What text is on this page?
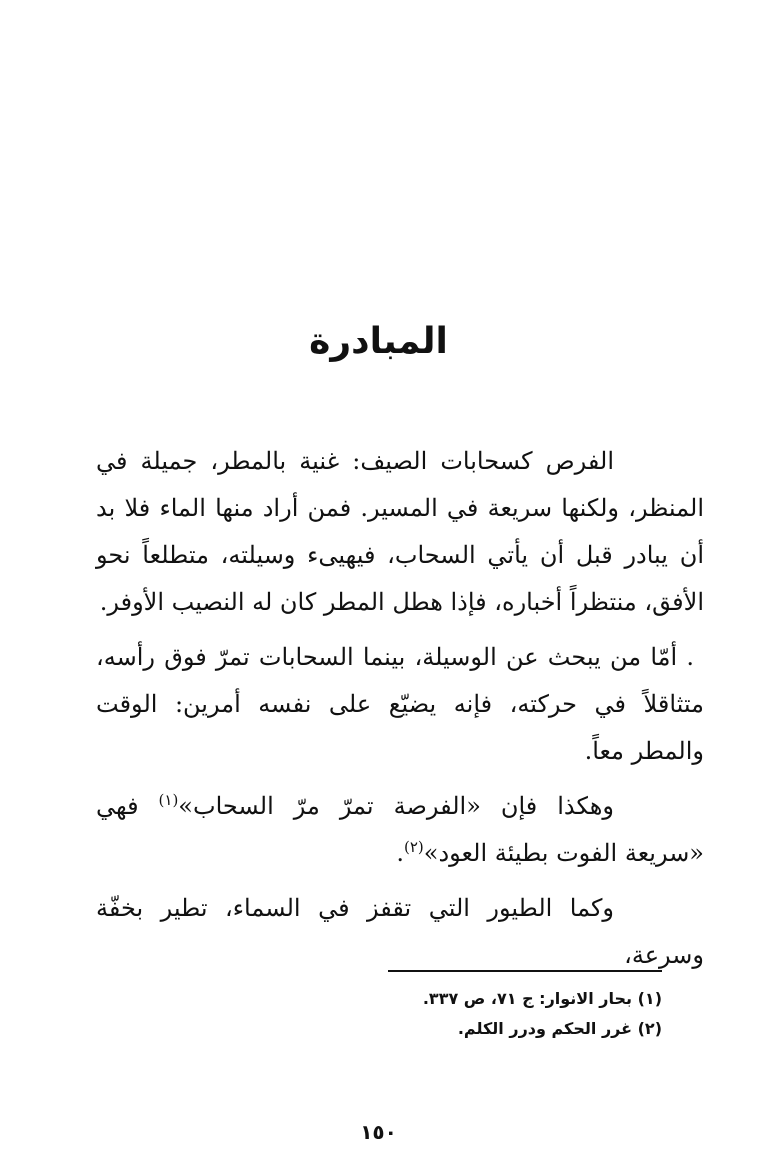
المبادرة

الفرص كسحابات الصيف: غنية بالمطر، جميلة في المنظر، ولكنها سريعة في المسير. فمن أراد منها الماء فلا بد أن يبادر قبل أن يأتي السحاب، فيهيىء وسيلته، متطلعاً نحو الأفق، منتظراً أخباره، فإذا هطل المطر كان له النصيب الأوفر.

. أمّا من يبحث عن الوسيلة، بينما السحابات تمرّ فوق رأسه، متثاقلاً في حركته، فإنه يضيّع على نفسه أمرين: الوقت والمطر معاً.

وهكذا فإن «الفرصة تمرّ مرّ السحاب»$^{(١)}$ فهي «سريعة الفوت بطيئة العود»$^{(٢)}$.

وكما الطيور التي تقفز في السماء، تطير بخفّة وسرعة،

(١) بحار الانوار: ج ٧١، ص ٣٣٧.

(٢) غرر الحكم ودرر الكلم.

١٥٠
